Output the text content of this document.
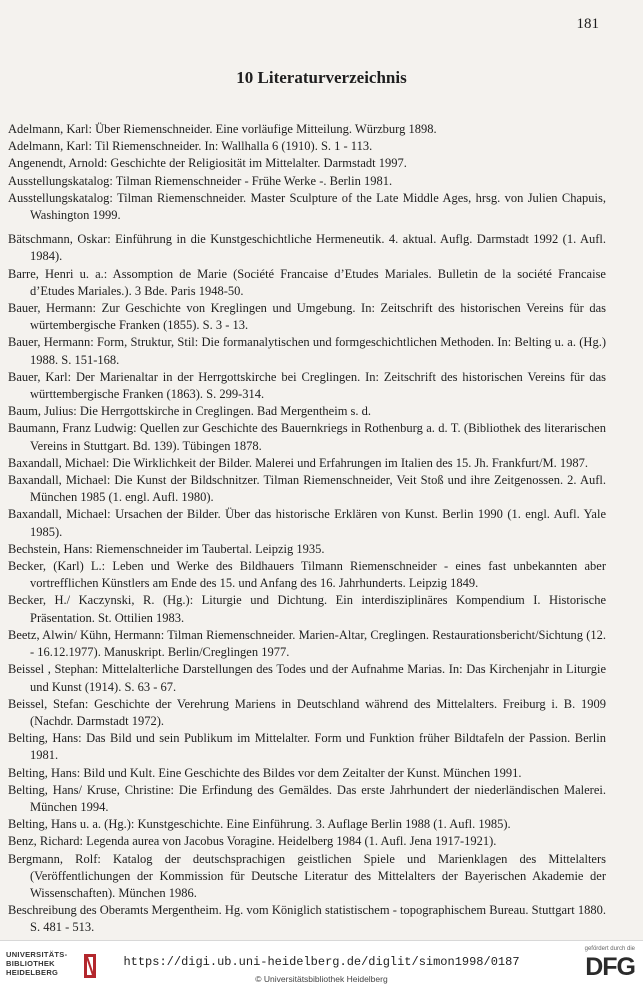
181
10 Literaturverzeichnis
Adelmann, Karl: Über Riemenschneider. Eine vorläufige Mitteilung. Würzburg 1898.
Adelmann, Karl: Til Riemenschneider. In: Wallhalla 6 (1910). S. 1 - 113.
Angenendt, Arnold: Geschichte der Religiosität im Mittelalter. Darmstadt 1997.
Ausstellungskatalog: Tilman Riemenschneider - Frühe Werke -. Berlin 1981.
Ausstellungskatalog: Tilman Riemenschneider. Master Sculpture of the Late Middle Ages, hrsg. von Julien Chapuis, Washington 1999.
Bätschmann, Oskar: Einführung in die Kunstgeschichtliche Hermeneutik. 4. aktual. Auflg. Darmstadt 1992 (1. Aufl. 1984).
Barre, Henri u. a.: Assomption de Marie (Société Francaise d’Etudes Mariales. Bulletin de la société Francaise d’Etudes Mariales.). 3 Bde. Paris 1948-50.
Bauer, Hermann: Zur Geschichte von Kreglingen und Umgebung. In: Zeitschrift des historischen Vereins für das würtembergische Franken (1855). S. 3 - 13.
Bauer, Hermann: Form, Struktur, Stil: Die formanalytischen und formgeschichtlichen Methoden. In: Belting u. a. (Hg.) 1988. S. 151-168.
Bauer, Karl: Der Marienaltar in der Herrgottskirche bei Creglingen. In: Zeitschrift des historischen Vereins für das württembergische Franken (1863). S. 299-314.
Baum, Julius: Die Herrgottskirche in Creglingen. Bad Mergentheim s. d.
Baumann, Franz Ludwig: Quellen zur Geschichte des Bauernkriegs in Rothenburg a. d. T. (Bibliothek des literarischen Vereins in Stuttgart. Bd. 139). Tübingen 1878.
Baxandall, Michael: Die Wirklichkeit der Bilder. Malerei und Erfahrungen im Italien des 15. Jh. Frankfurt/M. 1987.
Baxandall, Michael: Die Kunst der Bildschnitzer. Tilman Riemenschneider, Veit Stoß und ihre Zeitgenossen. 2. Aufl. München 1985 (1. engl. Aufl. 1980).
Baxandall, Michael: Ursachen der Bilder. Über das historische Erklären von Kunst. Berlin 1990 (1. engl. Aufl. Yale 1985).
Bechstein, Hans: Riemenschneider im Taubertal. Leipzig 1935.
Becker, (Karl) L.: Leben und Werke des Bildhauers Tilmann Riemenschneider - eines fast unbekannten aber vortrefflichen Künstlers am Ende des 15. und Anfang des 16. Jahrhunderts. Leipzig 1849.
Becker, H./ Kaczynski, R. (Hg.): Liturgie und Dichtung. Ein interdisziplinäres Kompendium I. Historische Präsentation. St. Ottilien 1983.
Beetz, Alwin/ Kühn, Hermann: Tilman Riemenschneider. Marien-Altar, Creglingen. Restaurationsbericht/Sichtung (12. - 16.12.1977). Manuskript. Berlin/Creglingen 1977.
Beissel , Stephan: Mittelalterliche Darstellungen des Todes und der Aufnahme Marias. In: Das Kirchenjahr in Liturgie und Kunst (1914). S. 63 - 67.
Beissel, Stefan: Geschichte der Verehrung Mariens in Deutschland während des Mittelalters. Freiburg i. B. 1909 (Nachdr. Darmstadt 1972).
Belting, Hans: Das Bild und sein Publikum im Mittelalter. Form und Funktion früher Bildtafeln der Passion. Berlin 1981.
Belting, Hans: Bild und Kult. Eine Geschichte des Bildes vor dem Zeitalter der Kunst. München 1991.
Belting, Hans/ Kruse, Christine: Die Erfindung des Gemäldes. Das erste Jahrhundert der niederländischen Malerei. München 1994.
Belting, Hans u. a. (Hg.): Kunstgeschichte. Eine Einführung. 3. Auflage Berlin 1988 (1. Aufl. 1985).
Benz, Richard: Legenda aurea von Jacobus Voragine. Heidelberg 1984 (1. Aufl. Jena 1917-1921).
Bergmann, Rolf: Katalog der deutschsprachigen geistlichen Spiele und Marienklagen des Mittelalters (Veröffentlichungen der Kommission für Deutsche Literatur des Mittelalters der Bayerischen Akademie der Wissenschaften). München 1986.
Beschreibung des Oberamts Mergentheim. Hg. vom Königlich statistischem - topographischem Bureau. Stuttgart 1880. S. 481 - 513.
UNIVERSITÄTS-
BIBLIOTHEK
HEIDELBERG
https://digi.ub.uni-heidelberg.de/diglit/simon1998/0187
© Universitätsbibliothek Heidelberg
gefördert durch die
DFG
